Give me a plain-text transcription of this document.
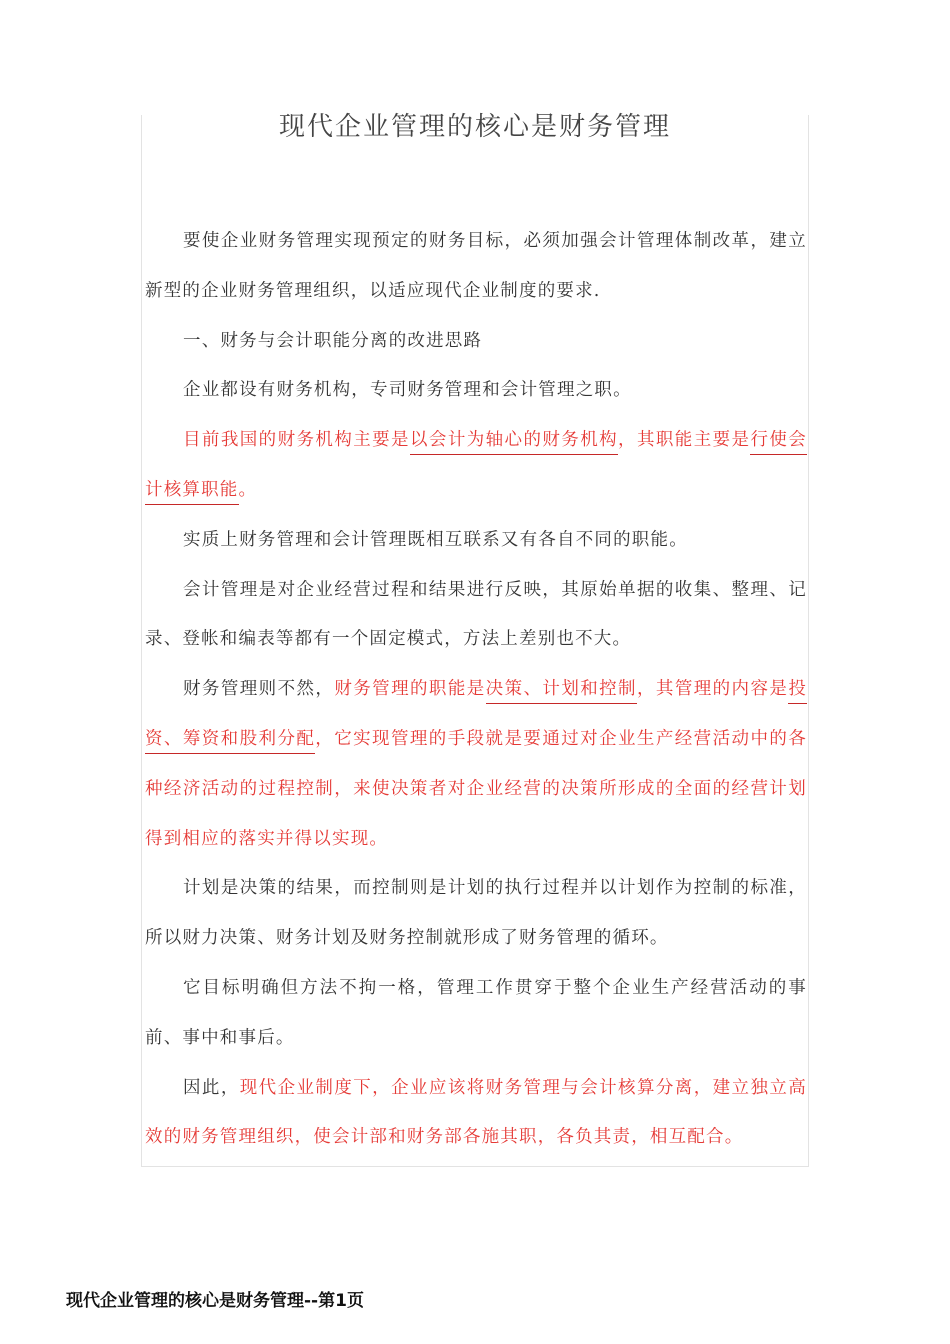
现代企业管理的核心是财务管理

要使企业财务管理实现预定的财务目标，必须加强会计管理体制改革，建立新型的企业财务管理组织，以适应现代企业制度的要求.

一、财务与会计职能分离的改进思路

企业都设有财务机构，专司财务管理和会计管理之职。

目前我国的财务机构主要是以会计为轴心的财务机构，其职能主要是行使会计核算职能。

实质上财务管理和会计管理既相互联系又有各自不同的职能。

会计管理是对企业经营过程和结果进行反映，其原始单据的收集、整理、记录、登帐和编表等都有一个固定模式，方法上差别也不大。

财务管理则不然，财务管理的职能是决策、计划和控制，其管理的内容是投资、筹资和股利分配，它实现管理的手段就是要通过对企业生产经营活动中的各种经济活动的过程控制，来使决策者对企业经营的决策所形成的全面的经营计划得到相应的落实并得以实现。

计划是决策的结果，而控制则是计划的执行过程并以计划作为控制的标准，所以财力决策、财务计划及财务控制就形成了财务管理的循环。

它目标明确但方法不拘一格，管理工作贯穿于整个企业生产经营活动的事前、事中和事后。

因此，现代企业制度下，企业应该将财务管理与会计核算分离，建立独立高效的财务管理组织，使会计部和财务部各施其职，各负其责，相互配合。

现代企业管理的核心是财务管理--第1页
